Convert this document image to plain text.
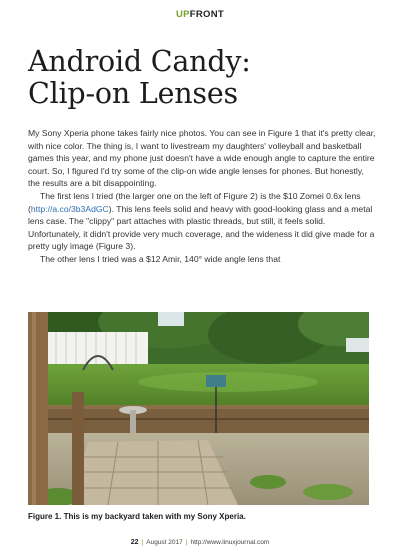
UPFRONT
Android Candy:
Clip-on Lenses

My Sony Xperia phone takes fairly nice photos. You can see in Figure 1 that it's pretty clear, with nice color. The thing is, I want to livestream my daughters' volleyball and basketball games this year, and my phone just doesn't have a wide enough angle to capture the entire court. So, I figured I'd try some of the clip-on wide angle lenses for phones. But honestly, the results are a bit disappointing.

The first lens I tried (the larger one on the left of Figure 2) is the $10 Zomei 0.6x lens (http://a.co/3b3AdGC). This lens feels solid and heavy with good-looking glass and a metal lens case. The "clippy" part attaches with plastic threads, but still, it feels solid. Unfortunately, it didn't provide very much coverage, and the wideness it did give made for a pretty ugly image (Figure 3).

The other lens I tried was a $12 Amir, 140° wide angle lens that

Figure 1. This is my backyard taken with my Sony Xperia.
22 | August 2017 | http://www.linuxjournal.com
